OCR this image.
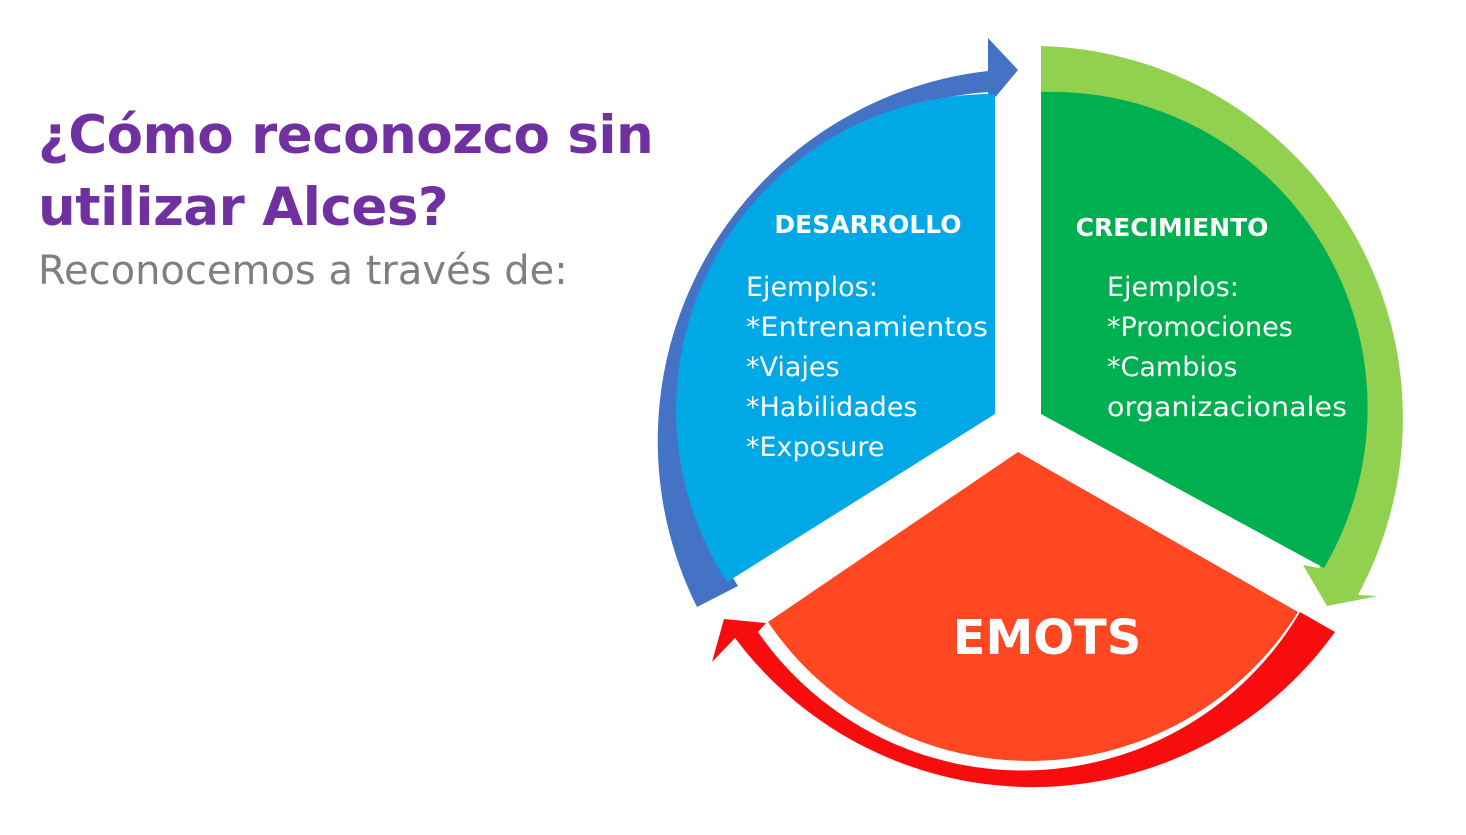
¿Cómo reconozco sin
utilizar Alces?

Reconocemos a través de:

DESARROLLO
Ejemplos:
*Entrenamientos
*Viajes
*Habilidades
*Exposure
CRECIMIENTO
Ejemplos:
*Promociones
*Cambios
organizacionales
EMOTS
